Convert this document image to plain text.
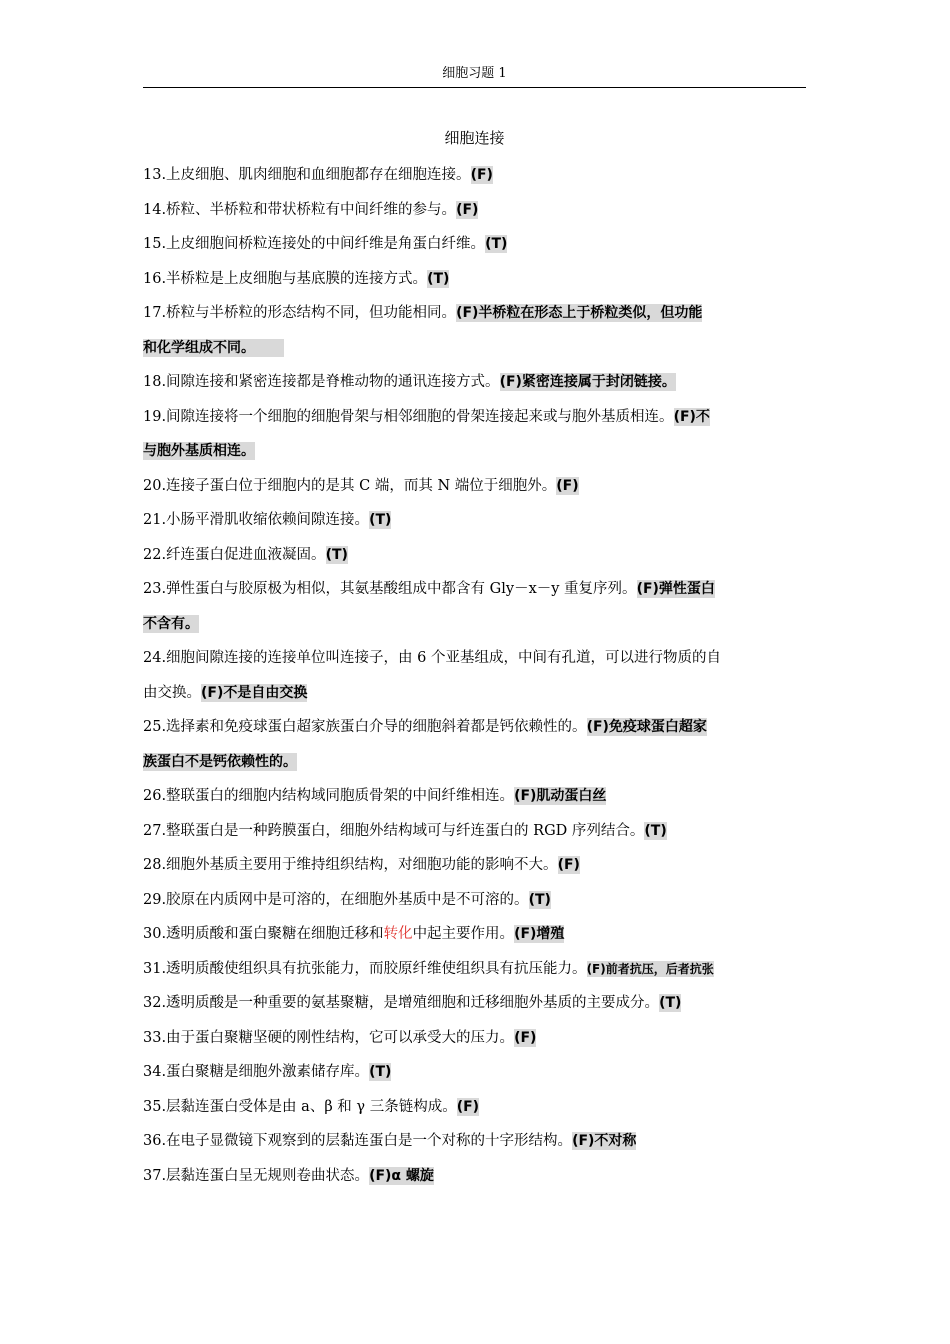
细胞习题 1
细胞连接
13.上皮细胞、肌肉细胞和血细胞都存在细胞连接。(F)
14.桥粒、半桥粒和带状桥粒有中间纤维的参与。(F)
15.上皮细胞间桥粒连接处的中间纤维是角蛋白纤维。(T)
16.半桥粒是上皮细胞与基底膜的连接方式。(T)
17.桥粒与半桥粒的形态结构不同，但功能相同。(F)半桥粒在形态上于桥粒类似，但功能
和化学组成不同。
18.间隙连接和紧密连接都是脊椎动物的通讯连接方式。(F)紧密连接属于封闭链接。
19.间隙连接将一个细胞的细胞骨架与相邻细胞的骨架连接起来或与胞外基质相连。(F)不
与胞外基质相连。
20.连接子蛋白位于细胞内的是其 C 端，而其 N 端位于细胞外。(F)
21.小肠平滑肌收缩依赖间隙连接。(T)
22.纤连蛋白促进血液凝固。(T)
23.弹性蛋白与胶原极为相似，其氨基酸组成中都含有 Gly－x－y 重复序列。(F)弹性蛋白
不含有。
24.细胞间隙连接的连接单位叫连接子，由 6 个亚基组成，中间有孔道，可以进行物质的自
由交换。(F)不是自由交换
25.选择素和免疫球蛋白超家族蛋白介导的细胞斜着都是钙依赖性的。(F)免疫球蛋白超家
族蛋白不是钙依赖性的。
26.整联蛋白的细胞内结构域同胞质骨架的中间纤维相连。(F)肌动蛋白丝
27.整联蛋白是一种跨膜蛋白，细胞外结构域可与纤连蛋白的 RGD 序列结合。(T)
28.细胞外基质主要用于维持组织结构，对细胞功能的影响不大。(F)
29.胶原在内质网中是可溶的，在细胞外基质中是不可溶的。(T)
30.透明质酸和蛋白聚糖在细胞迁移和转化中起主要作用。(F)增殖
31.透明质酸使组织具有抗张能力，而胶原纤维使组织具有抗压能力。(F)前者抗压，后者抗张
32.透明质酸是一种重要的氨基聚糖，是增殖细胞和迁移细胞外基质的主要成分。(T)
33.由于蛋白聚糖坚硬的刚性结构，它可以承受大的压力。(F)
34.蛋白聚糖是细胞外激素储存库。(T)
35.层黏连蛋白受体是由 a、β 和 γ 三条链构成。(F)
36.在电子显微镜下观察到的层黏连蛋白是一个对称的十字形结构。(F)不对称
37.层黏连蛋白呈无规则卷曲状态。(F)α 螺旋
